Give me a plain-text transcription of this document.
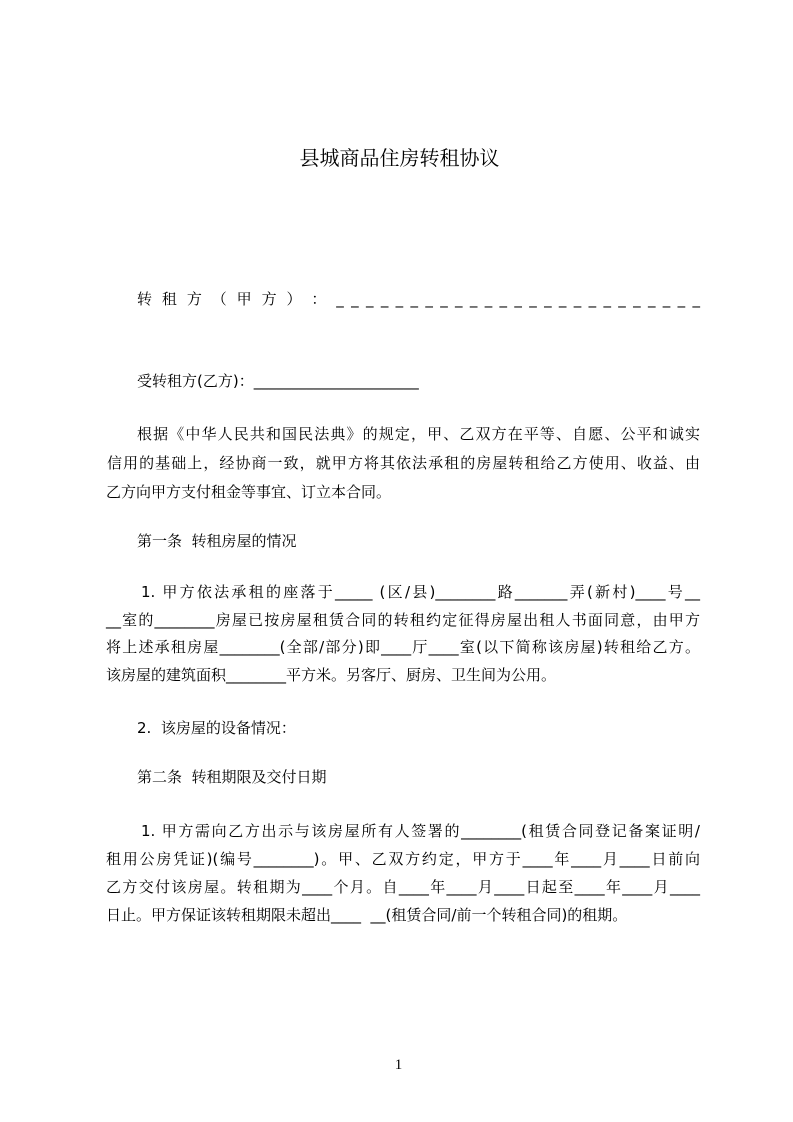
县城商品住房转租协议
转 租 方 （ 甲 方 ） ： _ _ _ _ _ _ _ _ _ _ _ _ _ _ _ _ _ _ _ _ _ _ _ _ _
受转租方(乙方)：______________________
根据《中华人民共和国民法典》的规定，甲、乙双方在平等、自愿、公平和诚实
信用的基础上，经协商一致，就甲方将其依法承租的房屋转租给乙方使用、收益、由
乙方向甲方支付租金等事宜、订立本合同。
第一条  转租房屋的情况
1. 甲方依法承租的座落于_____ (区/县)________路_______弄(新村)____号__
__室的________房屋已按房屋租赁合同的转租约定征得房屋出租人书面同意，由甲方
将上述承租房屋________(全部/部分)即____厅____室(以下简称该房屋)转租给乙方。
该房屋的建筑面积________平方米。另客厅、厨房、卫生间为公用。
2.  该房屋的设备情况：
第二条  转租期限及交付日期
1. 甲方需向乙方出示与该房屋所有人签署的________(租赁合同登记备案证明/
租用公房凭证)(编号________)。甲、乙双方约定，甲方于____年____月____日前向
乙方交付该房屋。转租期为____个月。自____年____月____日起至____年____月____
日止。甲方保证该转租期限未超出____  __(租赁合同/前一个转租合同)的租期。
1
